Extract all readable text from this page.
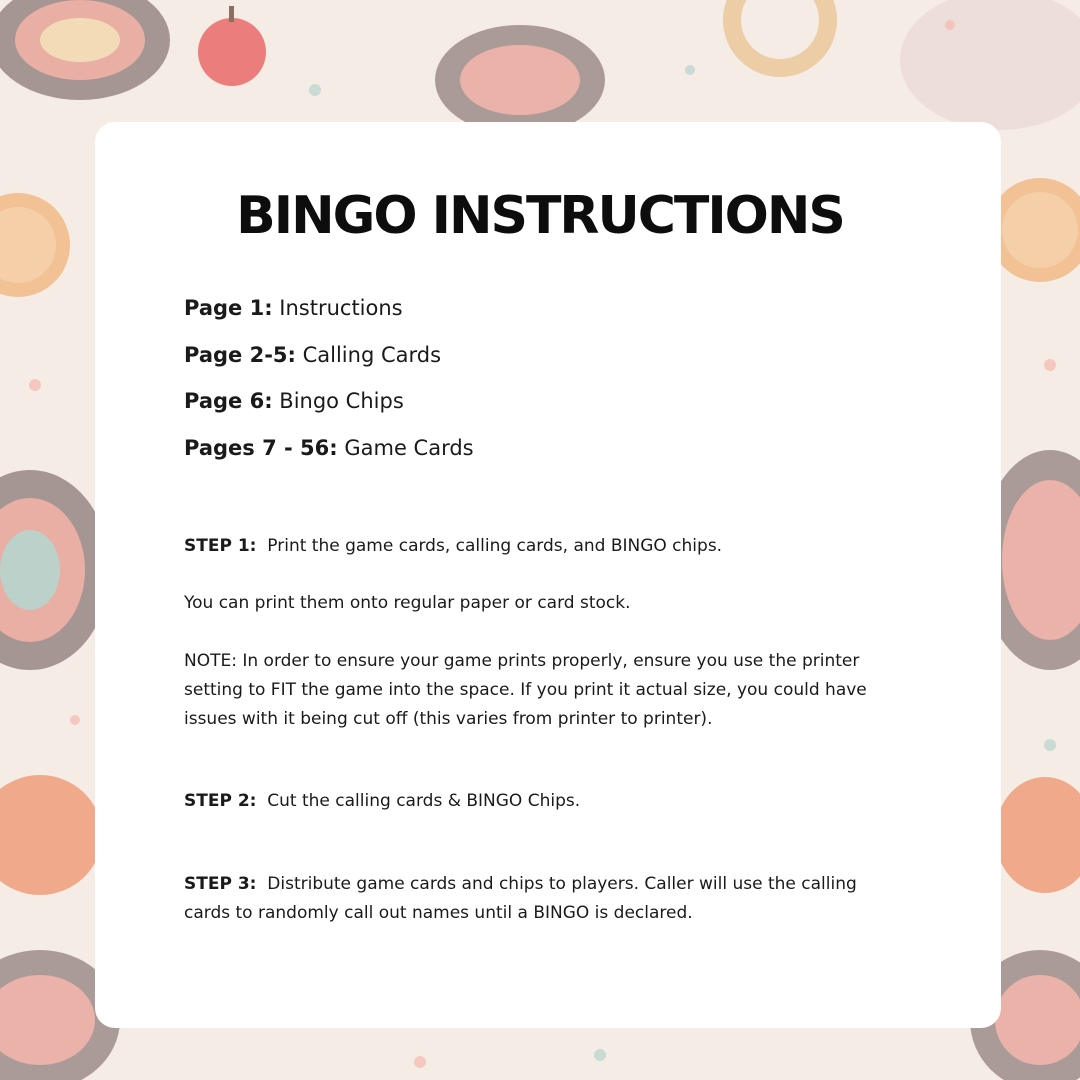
BINGO INSTRUCTIONS
Page 1: Instructions
Page 2-5: Calling Cards
Page 6: Bingo Chips
Pages 7 - 56: Game Cards
STEP 1: Print the game cards, calling cards, and BINGO chips.
You can print them onto regular paper or card stock.
NOTE: In order to ensure your game prints properly, ensure you use the printer setting to FIT the game into the space. If you print it actual size, you could have issues with it being cut off (this varies from printer to printer).
STEP 2: Cut the calling cards & BINGO Chips.
STEP 3: Distribute game cards and chips to players. Caller will use the calling cards to randomly call out names until a BINGO is declared.
